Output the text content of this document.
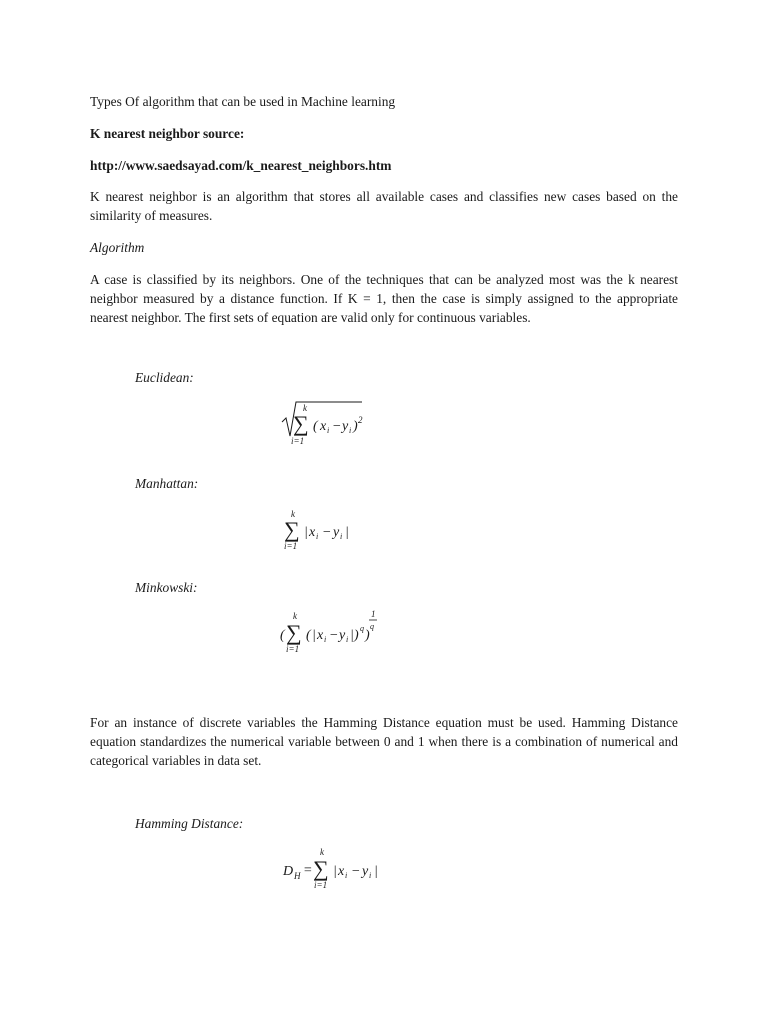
Types Of algorithm that can be used in Machine learning
K nearest neighbor source:
http://www.saedsayad.com/k_nearest_neighbors.htm
K nearest neighbor is an algorithm that stores all available cases and classifies new cases based on the similarity of measures.
Algorithm
A case is classified by its neighbors. One of the techniques that can be analyzed most was the k nearest neighbor measured by a distance function. If K = 1, then the case is simply assigned to the appropriate nearest neighbor. The first sets of equation are valid only for continuous variables.
Euclidean:
k
∑
i=1
( x i − y i ) 2
Manhattan:
k
∑
i=1
| x i − y i |
Minkowski:
(
k
∑
i=1
( | x i − y i | ) q )
1
q
For an instance of discrete variables the Hamming Distance equation must be used. Hamming Distance equation standardizes the numerical variable between 0 and 1 when there is a combination of numerical and categorical variables in data set.
Hamming Distance:
D H =
k
∑
i=1
| x i − y i |
